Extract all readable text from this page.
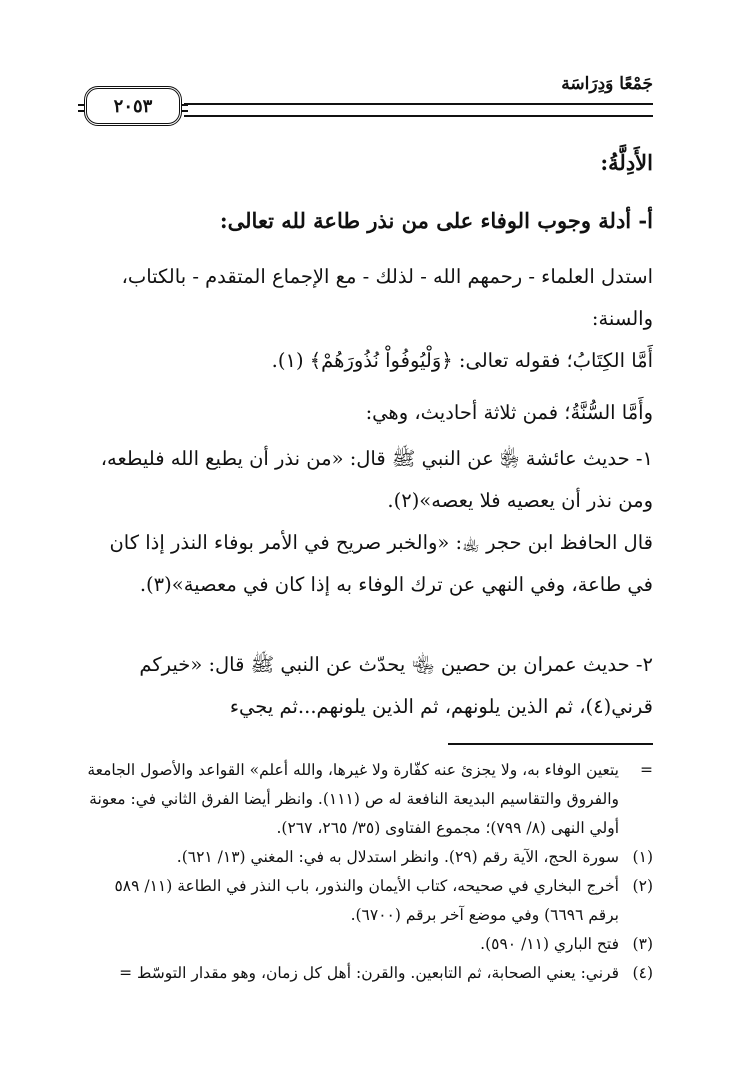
جَمْعًا وَدِرَاسَة
٢٠٥٣
الأَدِلَّةُ:
أ- أدلة وجوب الوفاء على من نذر طاعة لله تعالى:
استدل العلماء - رحمهم الله - لذلك - مع الإجماع المتقدم - بالكتاب، والسنة:
أَمَّا الكِتَابُ؛ فقوله تعالى: ﴿وَلْيُوفُواْ نُذُورَهُمْ﴾ (١).
وأَمَّا السُّنَّةُ؛ فمن ثلاثة أحاديث، وهي:
١- حديث عائشة ﵂ عن النبي ﷺ قال: «من نذر أن يطيع الله فليطعه، ومن نذر أن يعصيه فلا يعصه»(٢).
قال الحافظ ابن حجر ﵀: «والخبر صريح في الأمر بوفاء النذر إذا كان في طاعة، وفي النهي عن ترك الوفاء به إذا كان في معصية»(٣).
٢- حديث عمران بن حصين ﵄ يحدّث عن النبي ﷺ قال: «خيركم قرني(٤)، ثم الذين يلونهم، ثم الذين يلونهم...ثم يجيء
=
يتعين الوفاء به، ولا يجزئ عنه كفّارة ولا غيرها، والله أعلم» القواعد والأصول الجامعة والفروق والتقاسيم البديعة النافعة له ص (١١١). وانظر أيضا الفرق الثاني في: معونة أولي النهى (٨/ ٧٩٩)؛ مجموع الفتاوى (٣٥/ ٢٦٥، ٢٦٧).
(١)
سورة الحج، الآية رقم (٢٩). وانظر استدلال به في: المغني (١٣/ ٦٢١).
(٢)
أخرج البخاري في صحيحه، كتاب الأيمان والنذور، باب النذر في الطاعة (١١/ ٥٨٩ برقم ٦٦٩٦) وفي موضع آخر برقم (٦٧٠٠).
(٣)
فتح الباري (١١/ ٥٩٠).
(٤)
قرني: يعني الصحابة، ثم التابعين. والقرن: أهل كل زمان، وهو مقدار التوسّط =
